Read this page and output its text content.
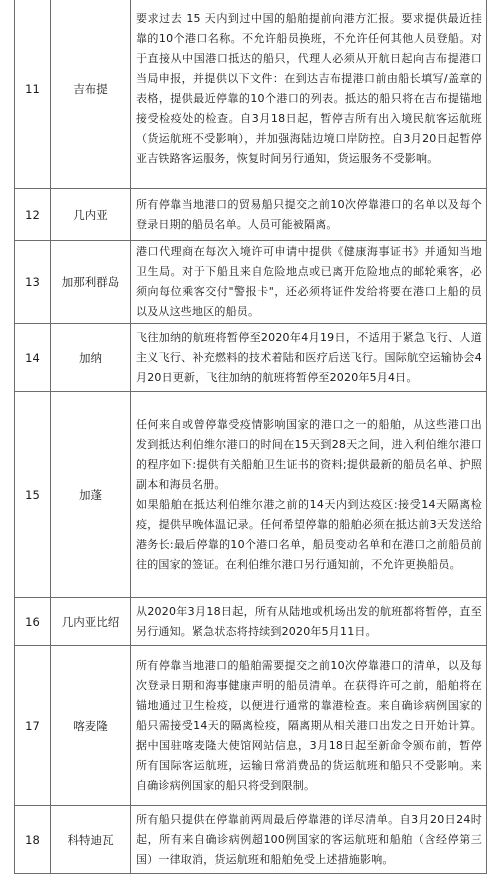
11	吉布提	要求过去 15 天内到过中国的船舶提前向港方汇报。要求提供最近挂靠的10个港口名称。不允许船员换班，不允许任何其他人员登船。对于直接从中国港口抵达的船只，代理人必须从开航日起向吉布提港口当局申报，并提供以下文件：在到达吉布提港口前由船长填写/盖章的表格，提供最近停靠的10个港口的列表。抵达的船只将在吉布提锚地接受检疫处的检查。自3月18日起，暂停吉所有出入境民航客运航班（货运航班不受影响），并加强海陆边境口岸防控。自3月20日起暂停亚吉铁路客运服务，恢复时间另行通知，货运服务不受影响。
12	几内亚	所有停靠当地港口的贸易船只提交之前10次停靠港口的名单以及每个登录日期的船员名单。人员可能被隔离。
13	加那利群岛	港口代理商在每次入境许可申请中提供《健康海事证书》并通知当地卫生局。对于下船且来自危险地点或已离开危险地点的邮轮乘客，必须向每位乘客交付"警报卡"，还必须将证件发给将要在港口上船的员以及从这些地区的船员。
14	加纳	飞往加纳的航班将暂停至2020年4月19日，不适用于紧急飞行、人道主义飞行、补充燃料的技术着陆和医疗后送飞行。国际航空运输协会4月20日更新，飞往加纳的航班将暂停至2020年5月4日。
15	加蓬	任何来自或曾停靠受疫情影响国家的港口之一的船舶，从这些港口出发到抵达利伯维尔港口的时间在15天到28天之间，进入利伯维尔港口的程序如下:提供有关船舶卫生证书的资料;提供最新的船员名单、护照副本和海员名册。
如果船舶在抵达利伯维尔港之前的14天内到达疫区:接受14天隔离检疫，提供早晚体温记录。任何希望停靠的船舶必须在抵达前3天发送给港务长:最后停靠的10个港口名单，船员变动名单和在港口之前船员前往的国家的签证。在利伯维尔港口另行通知前，不允许更换船员。
16	几内亚比绍	从2020年3月18日起，所有从陆地或机场出发的航班都将暂停，直至另行通知。紧急状态将持续到2020年5月11日。
17	喀麦隆	所有停靠当地港口的船舶需要提交之前10次停靠港口的清单，以及每次登录日期和海事健康声明的船员清单。在获得许可之前，船舶将在锚地通过卫生检疫，以便进行通常的靠港检查。来自确诊病例国家的船只需接受14天的隔离检疫，隔离期从相关港口出发之日开始计算。据中国驻喀麦隆大使馆网站信息，3月18日起至新命令颁布前，暂停所有国际客运航班，运输日常消费品的货运航班和船只不受影响。来自确诊病例国家的船只将受到限制。
18	科特迪瓦	所有船只提供在停靠前两周最后停靠港的详尽清单。自3月20日24时起，所有来自确诊病例超100例国家的客运航班和船舶（含经停第三国）一律取消，货运航班和船舶免受上述措施影响。
